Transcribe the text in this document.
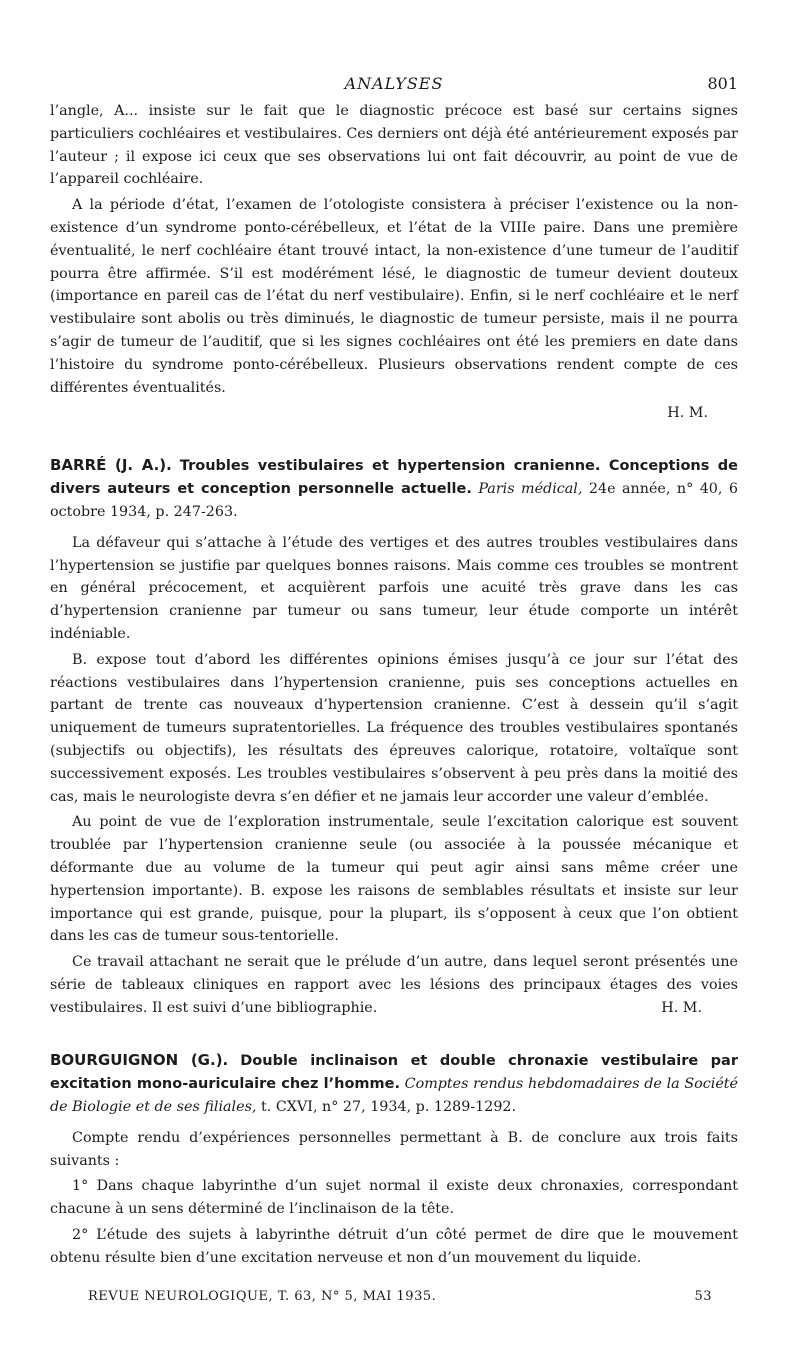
ANALYSES	801

l’angle, A... insiste sur le fait que le diagnostic précoce est basé sur certains signes particuliers cochléaires et vestibulaires. Ces derniers ont déjà été antérieurement exposés par l’auteur ; il expose ici ceux que ses observations lui ont fait découvrir, au point de vue de l’appareil cochléaire.

A la période d’état, l’examen de l’otologiste consistera à préciser l’existence ou la non-existence d’un syndrome ponto-cérébelleux, et l’état de la VIIIe paire. Dans une première éventualité, le nerf cochléaire étant trouvé intact, la non-existence d’une tumeur de l’auditif pourra être affirmée. S’il est modérément lésé, le diagnostic de tumeur devient douteux (importance en pareil cas de l’état du nerf vestibulaire). Enfin, si le nerf cochléaire et le nerf vestibulaire sont abolis ou très diminués, le diagnostic de tumeur persiste, mais il ne pourra s’agir de tumeur de l’auditif, que si les signes cochléaires ont été les premiers en date dans l’histoire du syndrome ponto-cérébelleux. Plusieurs observations rendent compte de ces différentes éventualités.

H. M.
BARRÉ (J. A.). Troubles vestibulaires et hypertension cranienne. Conceptions de divers auteurs et conception personnelle actuelle. Paris médical, 24e année, n° 40, 6 octobre 1934, p. 247-263.

La défaveur qui s’attache à l’étude des vertiges et des autres troubles vestibulaires dans l’hypertension se justifie par quelques bonnes raisons. Mais comme ces troubles se montrent en général précocement, et acquièrent parfois une acuité très grave dans les cas d’hypertension cranienne par tumeur ou sans tumeur, leur étude comporte un intérêt indéniable.

B. expose tout d’abord les différentes opinions émises jusqu’à ce jour sur l’état des réactions vestibulaires dans l’hypertension cranienne, puis ses conceptions actuelles en partant de trente cas nouveaux d’hypertension cranienne. C’est à dessein qu’il s’agit uniquement de tumeurs supratentorielles. La fréquence des troubles vestibulaires spontanés (subjectifs ou objectifs), les résultats des épreuves calorique, rotatoire, voltaïque sont successivement exposés. Les troubles vestibulaires s’observent à peu près dans la moitié des cas, mais le neurologiste devra s’en défier et ne jamais leur accorder une valeur d’emblée.

Au point de vue de l’exploration instrumentale, seule l’excitation calorique est souvent troublée par l’hypertension cranienne seule (ou associée à la poussée mécanique et déformante due au volume de la tumeur qui peut agir ainsi sans même créer une hypertension importante). B. expose les raisons de semblables résultats et insiste sur leur importance qui est grande, puisque, pour la plupart, ils s’opposent à ceux que l’on obtient dans les cas de tumeur sous-tentorielle.

Ce travail attachant ne serait que le prélude d’un autre, dans lequel seront présentés une série de tableaux cliniques en rapport avec les lésions des principaux étages des voies vestibulaires. Il est suivi d’une bibliographie.	H. M.

BOURGUIGNON (G.). Double inclinaison et double chronaxie vestibulaire par excitation mono-auriculaire chez l’homme. Comptes rendus hebdomadaires de la Société de Biologie et de ses filiales, t. CXVI, n° 27, 1934, p. 1289-1292.

Compte rendu d’expériences personnelles permettant à B. de conclure aux trois faits suivants :

1° Dans chaque labyrinthe d’un sujet normal il existe deux chronaxies, correspondant chacune à un sens déterminé de l’inclinaison de la tête.

2° L’étude des sujets à labyrinthe détruit d’un côté permet de dire que le mouvement obtenu résulte bien d’une excitation nerveuse et non d’un mouvement du liquide.

REVUE NEUROLOGIQUE, T. 63, N° 5, MAI 1935.	53
